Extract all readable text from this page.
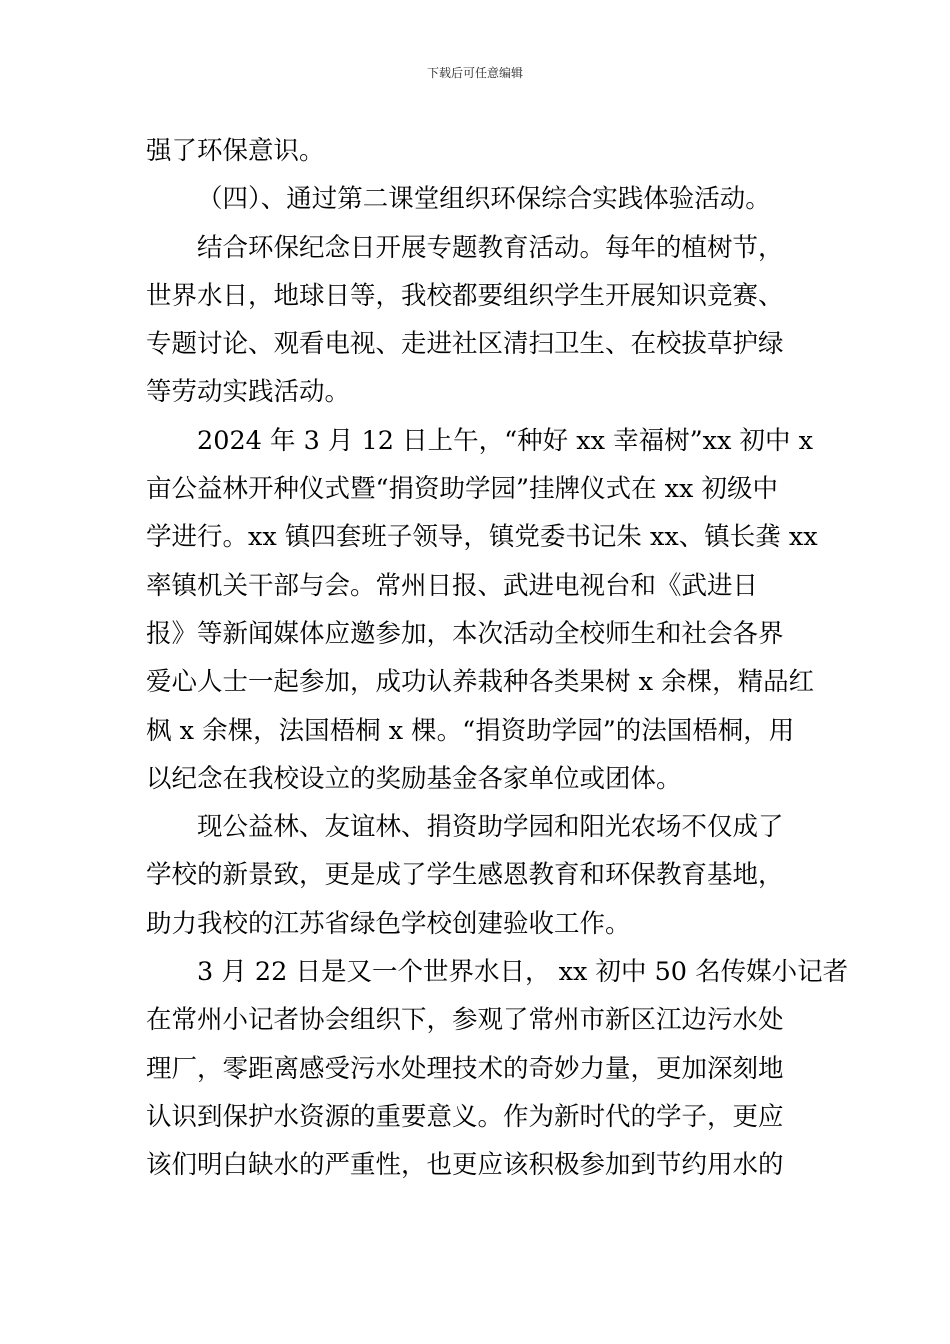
下载后可任意编辑
强了环保意识。
（四）、通过第二课堂组织环保综合实践体验活动。
结合环保纪念日开展专题教育活动。每年的植树节，
世界水日，地球日等，我校都要组织学生开展知识竞赛、
专题讨论、观看电视、走进社区清扫卫生、在校拔草护绿
等劳动实践活动。
2024 年 3 月 12 日上午，“种好 xx 幸福树”xx 初中 x
亩公益林开种仪式暨“捐资助学园”挂牌仪式在 xx 初级中
学进行。xx 镇四套班子领导，镇党委书记朱 xx、镇长龚 xx
率镇机关干部与会。常州日报、武进电视台和《武进日
报》等新闻媒体应邀参加，本次活动全校师生和社会各界
爱心人士一起参加，成功认养栽种各类果树 x 余棵，精品红
枫 x 余棵，法国梧桐 x 棵。“捐资助学园”的法国梧桐，用
以纪念在我校设立的奖励基金各家单位或团体。
现公益林、友谊林、捐资助学园和阳光农场不仅成了
学校的新景致，更是成了学生感恩教育和环保教育基地，
助力我校的江苏省绿色学校创建验收工作。
3 月 22 日是又一个世界水日， xx 初中 50 名传媒小记者
在常州小记者协会组织下，参观了常州市新区江边污水处
理厂，零距离感受污水处理技术的奇妙力量，更加深刻地
认识到保护水资源的重要意义。作为新时代的学子，更应
该们明白缺水的严重性，也更应该积极参加到节约用水的
